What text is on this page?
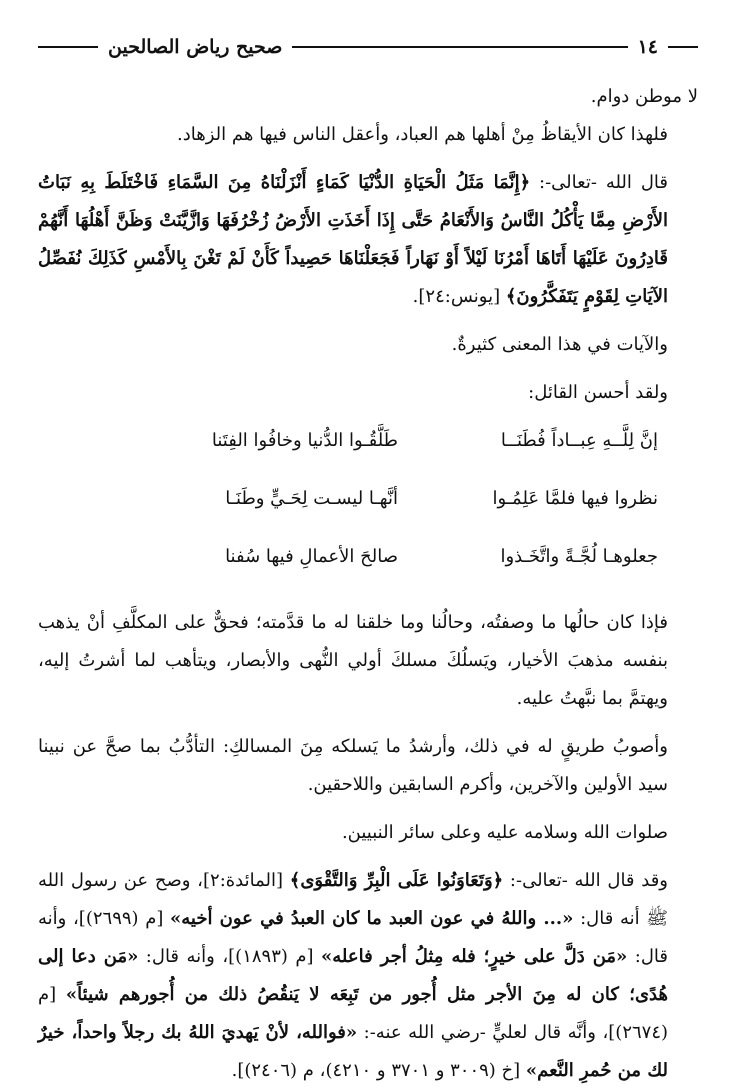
١٤
صحيح رياض الصالحين

لا موطن دوام.

فلهذا كان الأيقاظُ مِنْ أهلها هم العباد، وأعقل الناس فيها هم الزهاد.

قال الله -تعالى-: ﴿إِنَّمَا مَثَلُ الْحَيَاةِ الدُّنْيَا كَمَاءٍ أَنْزَلْنَاهُ مِنَ السَّمَاءِ فَاخْتَلَطَ بِهِ نَبَاتُ الأَرْضِ مِمَّا يَأْكُلُ النَّاسُ وَالأَنْعَامُ حَتَّى إِذَا أَخَذَتِ الأَرْضُ زُخْرُفَهَا وَازَّيَّنَتْ وَظَنَّ أَهْلُهَا أَنَّهُمْ قَادِرُونَ عَلَيْهَا أَتَاهَا أَمْرُنَا لَيْلاً أَوْ نَهَاراً فَجَعَلْنَاهَا حَصِيداً كَأَنْ لَمْ تَغْنَ بِالأَمْسِ كَذَلِكَ نُفَصِّلُ الآيَاتِ لِقَوْمٍ يَتَفَكَّرُونَ﴾ [يونس:٢٤].

والآيات في هذا المعنى كثيرةٌ.

ولقد أحسن القائل:

إنَّ لِلَّــهِ عِبــاداً فُطَنَــا	طَلَّقُـوا الدُّنيا وخافُوا الفِتَنا
نظروا فيها فلمَّا عَلِمُـوا	أنَّهـا ليسـت لِحَـيٍّ وطَنَـا
جعلوهـا لُجَّـةً واتَّخَـذوا	صالحَ الأعمالِ فيها سُفنا

فإذا كان حالُها ما وصفتُه، وحالُنا وما خلقنا له ما قدَّمته؛ فحقٌّ على المكلَّفِ أنْ يذهب بنفسه مذهبَ الأخيار، ويَسلُكَ مسلكَ أولي النُّهى والأبصار، ويتأهب لما أشرتُ إليه، ويهتمَّ بما نبَّهتُ عليه.

وأصوبُ طريقٍ له في ذلك، وأرشدُ ما يَسلكه مِنَ المسالكِ: التأدُّبُ بما صحَّ عن نبينا سيد الأولين والآخرين، وأكرم السابقين واللاحقين.

صلوات الله وسلامه عليه وعلى سائر النبيين.

وقد قال الله -تعالى-: ﴿وَتَعَاوَنُوا عَلَى الْبِرِّ وَالتَّقْوَى﴾ [المائدة:٢]، وصح عن رسول الله ﷺ أنه قال: «... واللهُ في عون العبد ما كان العبدُ في عون أخيه» [م (٢٦٩٩)]، وأنه قال: «مَن دَلَّ على خيرٍ؛ فله مِثلُ أجر فاعله» [م (١٨٩٣)]، وأنه قال: «مَن دعا إلى هُدًى؛ كان له مِنَ الأجر مثل أُجور من تَبِعَه لا يَنقُصُ ذلك من أُجورهم شيئاً» [م (٢٦٧٤)]، وأنَّه قال لعليٍّ -رضي الله عنه-: «فوالله، لأنْ يَهديَ اللهُ بك رجلاً واحداً، خيرٌ لك من حُمرِ النَّعم» [خ (٣٠٠٩ و ٣٧٠١ و ٤٢١٠)، م (٢٤٠٦)].
